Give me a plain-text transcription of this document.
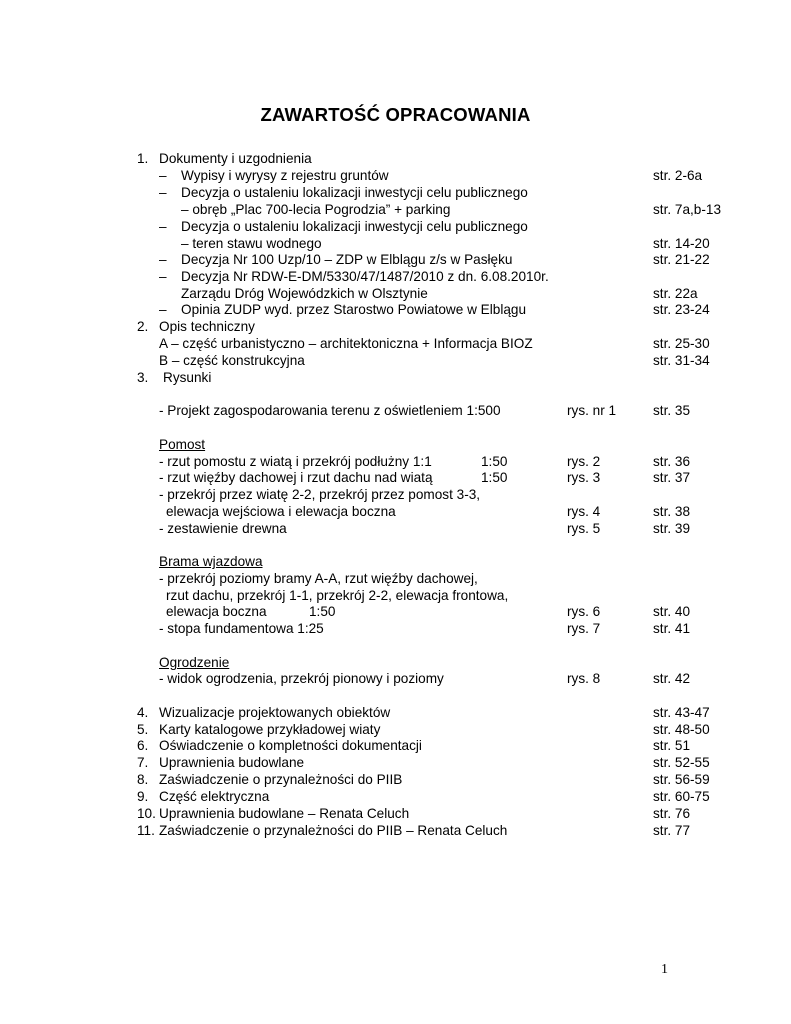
ZAWARTOŚĆ OPRACOWANIA
1. Dokumenty i uzgodnienia
– Wypisy i wyrysy z rejestru gruntów	str. 2-6a
– Decyzja o ustaleniu lokalizacji inwestycji celu publicznego
– obręb „Plac 700-lecia Pogrodzia” + parking	str. 7a,b-13
– Decyzja o ustaleniu lokalizacji inwestycji celu publicznego
– teren stawu wodnego	str. 14-20
– Decyzja Nr 100 Uzp/10 – ZDP w Elblągu z/s w Pasłęku	str. 21-22
– Decyzja Nr RDW-E-DM/5330/47/1487/2010 z dn. 6.08.2010r.
Zarządu Dróg Wojewódzkich w Olsztynie	str. 22a
– Opinia ZUDP wyd. przez Starostwo Powiatowe w Elblągu	str. 23-24
2. Opis techniczny
A – część urbanistyczno – architektoniczna + Informacja BIOZ	str. 25-30
B – część konstrukcyjna	str. 31-34
3. Rysunki
- Projekt zagospodarowania terenu z oświetleniem 1:500	rys. nr 1	str. 35
Pomost
- rzut pomostu z wiatą i przekrój podłużny 1:1	1:50	rys. 2	str. 36
- rzut więźby dachowej i rzut dachu nad wiatą	1:50	rys. 3	str. 37
- przekrój przez wiatę 2-2, przekrój przez pomost 3-3,
elewacja wejściowa i elewacja boczna	rys. 4	str. 38
- zestawienie drewna	rys. 5	str. 39
Brama wjazdowa
- przekrój poziomy bramy A-A, rzut więźby dachowej,
rzut dachu, przekrój 1-1, przekrój 2-2, elewacja frontowa,
elewacja boczna	1:50	rys. 6	str. 40
- stopa fundamentowa 1:25	rys. 7	str. 41
Ogrodzenie
- widok ogrodzenia, przekrój pionowy i poziomy	rys. 8	str. 42
4. Wizualizacje projektowanych obiektów	str. 43-47
5. Karty katalogowe przykładowej wiaty	str. 48-50
6. Oświadczenie o kompletności dokumentacji	str. 51
7. Uprawnienia budowlane	str. 52-55
8. Zaświadczenie o przynależności do PIIB	str. 56-59
9. Część elektryczna	str. 60-75
10. Uprawnienia budowlane – Renata Celuch	str. 76
11. Zaświadczenie o przynależności do PIIB – Renata Celuch	str. 77
1
